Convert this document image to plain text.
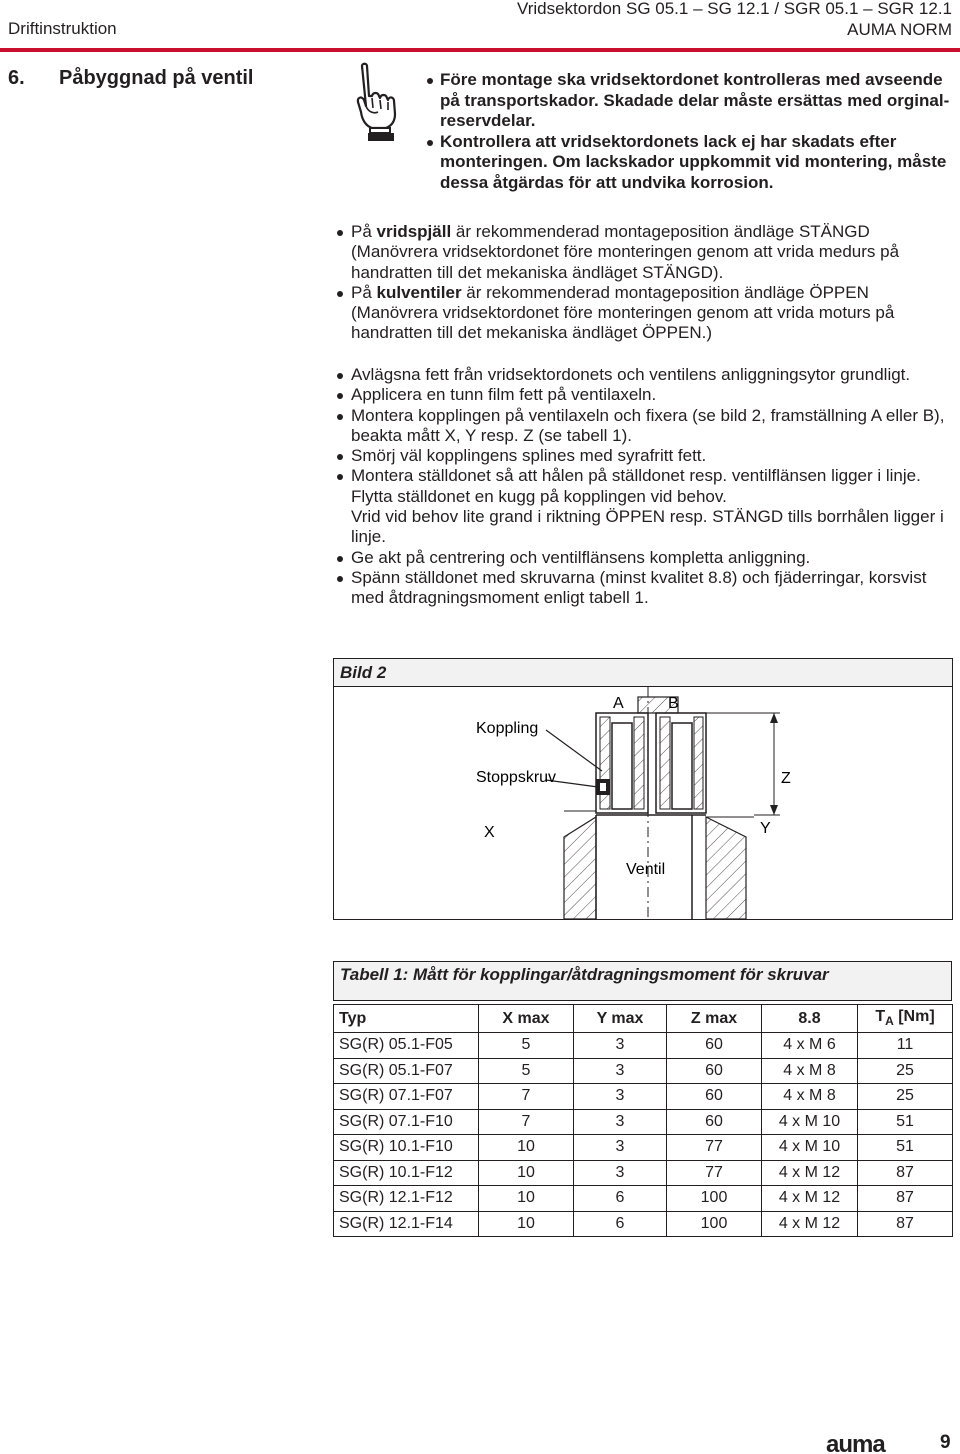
Driftinstruktion
Vridsektordon SG 05.1 – SG 12.1 / SGR 05.1 – SGR 12.1
AUMA NORM
6. Påbyggnad på ventil	Före montage ska vridsektordonet kontrolleras med avseende på transportskador. Skadade delar måste ersättas med orginal-reservdelar.
Kontrollera att vridsektordonets lack ej har skadats efter monteringen. Om lackskador uppkommit vid montering, måste dessa åtgärdas för att undvika korrosion.
På vridspjäll är rekommenderad montageposition ändläge STÄNGD (Manövrera vridsektordonet före monteringen genom att vrida medurs på handratten till det mekaniska ändläget STÄNGD).
På kulventiler är rekommenderad montageposition ändläge ÖPPEN (Manövrera vridsektordonet före monteringen genom att vrida moturs på handratten till det mekaniska ändläget ÖPPEN.)
Avlägsna fett från vridsektordonets och ventilens anliggningsytor grundligt.
Applicera en tunn film fett på ventilaxeln.
Montera kopplingen på ventilaxeln och fixera (se bild 2, framställning A eller B), beakta mått X, Y resp. Z (se tabell 1).
Smörj väl kopplingens splines med syrafritt fett.
Montera ställdonet så att hålen på ställdonet resp. ventilflänsen ligger i linje.
Flytta ställdonet en kugg på kopplingen vid behov.
Vrid vid behov lite grand i riktning ÖPPEN resp. STÄNGD tills borrhålen ligger i linje.
Ge akt på centrering och ventilflänsens kompletta anliggning.
Spänn ställdonet med skruvarna (minst kvalitet 8.8) och fjäderringar, korsvist med åtdragningsmoment enligt tabell 1.
Bild 2
A	B
Koppling
Stoppskruv	Z
X	Y
Ventil
Tabell 1: Mått för kopplingar/åtdragningsmoment för skruvar
Typ	X max	Y max	Z max	8.8	$T_A$ [Nm]
SG(R) 05.1-F05	5	3	60	4 x M 6	11
SG(R) 05.1-F07	5	3	60	4 x M 8	25
SG(R) 07.1-F07	7	3	60	4 x M 8	25
SG(R) 07.1-F10	7	3	60	4 x M 10	51
SG(R) 10.1-F10	10	3	77	4 x M 10	51
SG(R) 10.1-F12	10	3	77	4 x M 12	87
SG(R) 12.1-F12	10	6	100	4 x M 12	87
SG(R) 12.1-F14	10	6	100	4 x M 12	87
auma	9
